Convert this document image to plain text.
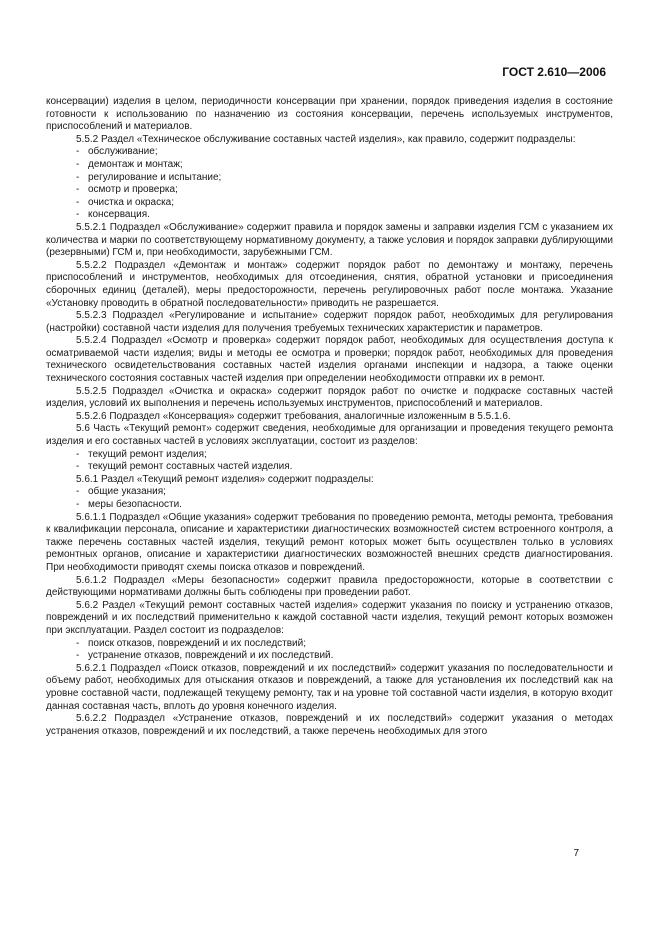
ГОСТ 2.610—2006
консервации) изделия в целом, периодичности консервации при хранении, порядок приведения изделия в состояние готовности к использованию по назначению из состояния консервации, перечень используемых инструментов, приспособлений и материалов.
5.5.2 Раздел «Техническое обслуживание составных частей изделия», как правило, содержит подразделы:
- обслуживание;
- демонтаж и монтаж;
- регулирование и испытание;
- осмотр и проверка;
- очистка и окраска;
- консервация.
5.5.2.1 Подраздел «Обслуживание» содержит правила и порядок замены и заправки изделия ГСМ с указанием их количества и марки по соответствующему нормативному документу, а также условия и порядок заправки дублирующими (резервными) ГСМ и, при необходимости, зарубежными ГСМ.
5.5.2.2 Подраздел «Демонтаж и монтаж» содержит порядок работ по демонтажу и монтажу, перечень приспособлений и инструментов, необходимых для отсоединения, снятия, обратной установки и присоединения сборочных единиц (деталей), меры предосторожности, перечень регулировочных работ после монтажа. Указание «Установку проводить в обратной последовательности» приводить не разрешается.
5.5.2.3 Подраздел «Регулирование и испытание» содержит порядок работ, необходимых для регулирования (настройки) составной части изделия для получения требуемых технических характеристик и параметров.
5.5.2.4 Подраздел «Осмотр и проверка» содержит порядок работ, необходимых для осуществления доступа к осматриваемой части изделия; виды и методы ее осмотра и проверки; порядок работ, необходимых для проведения технического освидетельствования составных частей изделия органами инспекции и надзора, а также оценки технического состояния составных частей изделия при определении необходимости отправки их в ремонт.
5.5.2.5 Подраздел «Очистка и окраска» содержит порядок работ по очистке и подкраске составных частей изделия, условий их выполнения и перечень используемых инструментов, приспособлений и материалов.
5.5.2.6 Подраздел «Консервация» содержит требования, аналогичные изложенным в 5.5.1.6.
5.6 Часть «Текущий ремонт» содержит сведения, необходимые для организации и проведения текущего ремонта изделия и его составных частей в условиях эксплуатации, состоит из разделов:
- текущий ремонт изделия;
- текущий ремонт составных частей изделия.
5.6.1 Раздел «Текущий ремонт изделия» содержит подразделы:
- общие указания;
- меры безопасности.
5.6.1.1 Подраздел «Общие указания» содержит требования по проведению ремонта, методы ремонта, требования к квалификации персонала, описание и характеристики диагностических возможностей систем встроенного контроля, а также перечень составных частей изделия, текущий ремонт которых может быть осуществлен только в условиях ремонтных органов, описание и характеристики диагностических возможностей внешних средств диагностирования. При необходимости приводят схемы поиска отказов и повреждений.
5.6.1.2 Подраздел «Меры безопасности» содержит правила предосторожности, которые в соответствии с действующими нормативами должны быть соблюдены при проведении работ.
5.6.2 Раздел «Текущий ремонт составных частей изделия» содержит указания по поиску и устранению отказов, повреждений и их последствий применительно к каждой составной части изделия, текущий ремонт которых возможен при эксплуатации. Раздел состоит из подразделов:
- поиск отказов, повреждений и их последствий;
- устранение отказов, повреждений и их последствий.
5.6.2.1 Подраздел «Поиск отказов, повреждений и их последствий» содержит указания по последовательности и объему работ, необходимых для отыскания отказов и повреждений, а также для установления их последствий как на уровне составной части, подлежащей текущему ремонту, так и на уровне той составной части изделия, в которую входит данная составная часть, вплоть до уровня конечного изделия.
5.6.2.2 Подраздел «Устранение отказов, повреждений и их последствий» содержит указания о методах устранения отказов, повреждений и их последствий, а также перечень необходимых для этого
7
